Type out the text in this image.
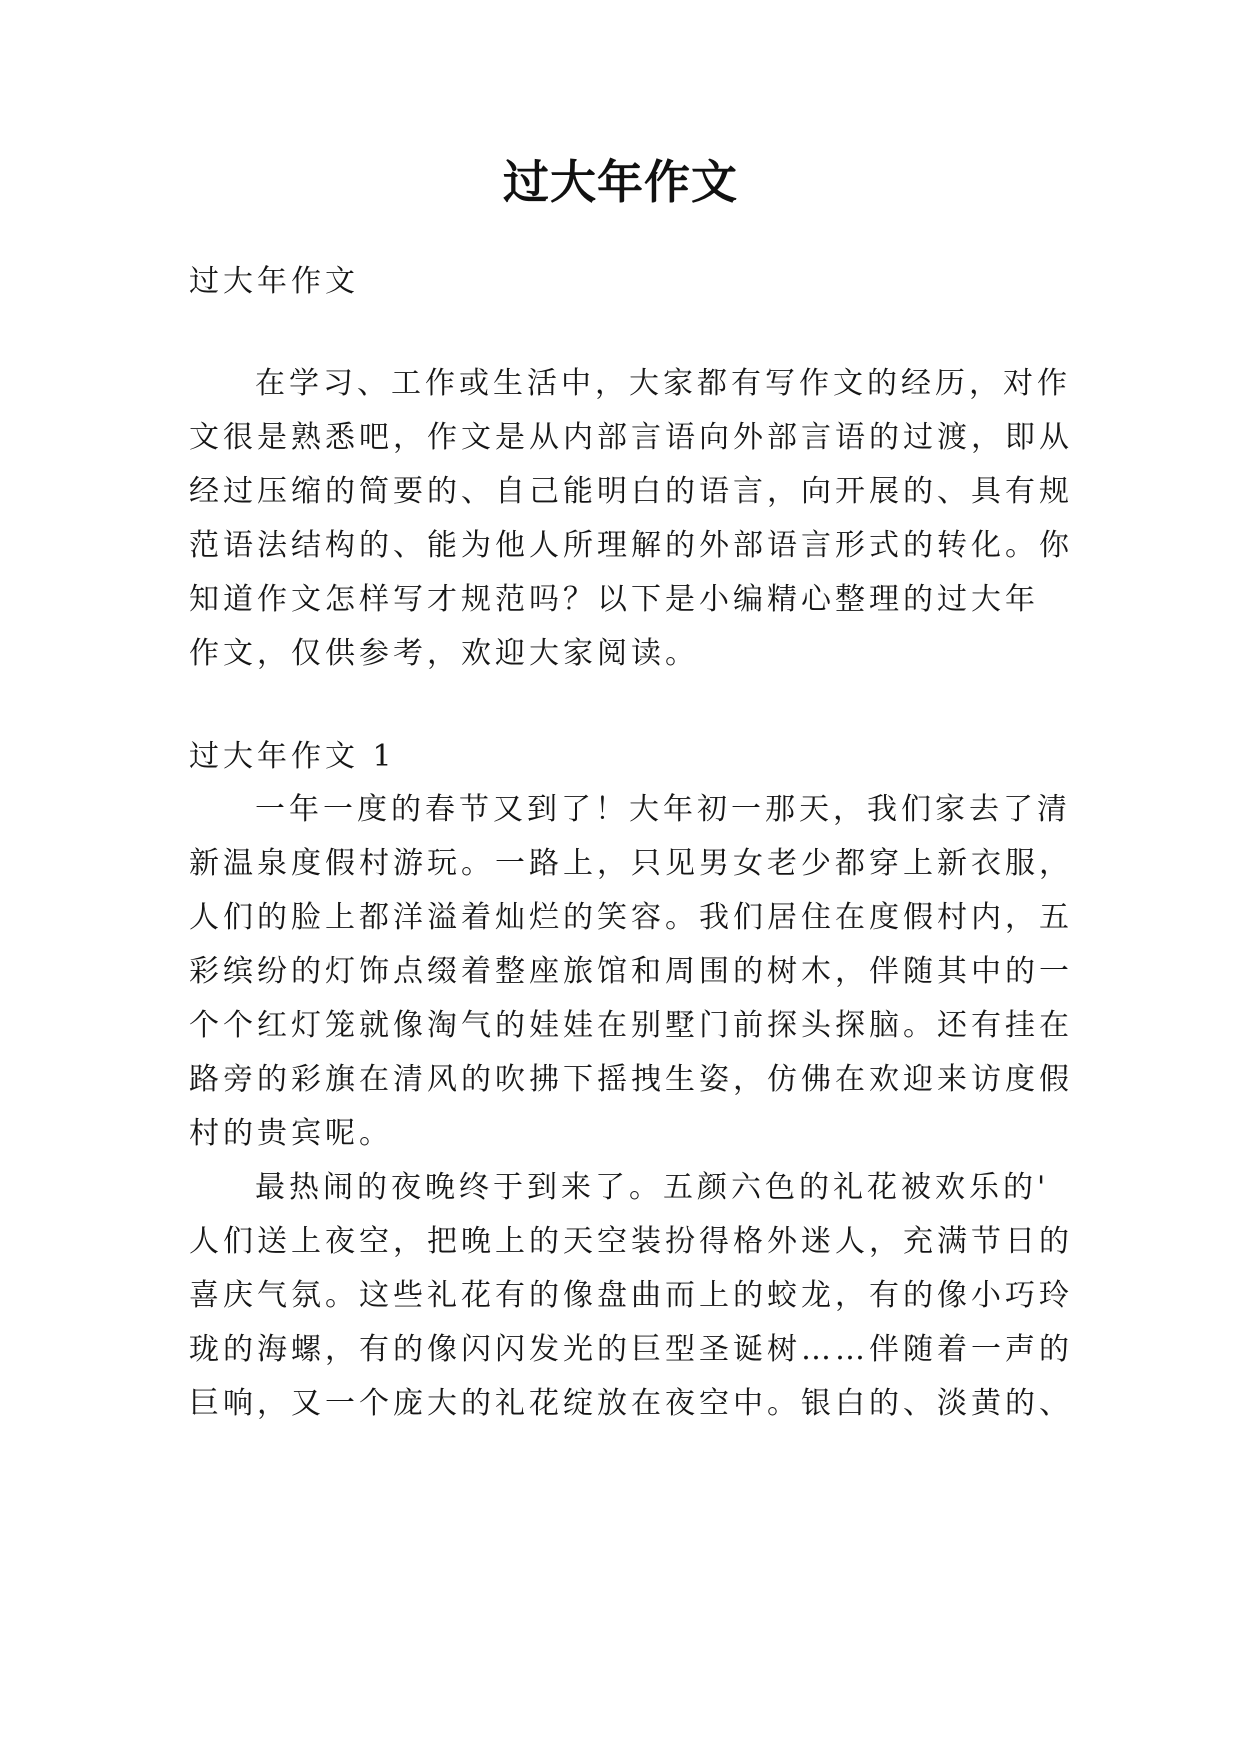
过大年作文
过大年作文
在学习、工作或生活中，大家都有写作文的经历，对作
文很是熟悉吧，作文是从内部言语向外部言语的过渡，即从
经过压缩的简要的、自己能明白的语言，向开展的、具有规
范语法结构的、能为他人所理解的外部语言形式的转化。你
知道作文怎样写才规范吗？以下是小编精心整理的过大年
作文，仅供参考，欢迎大家阅读。
过大年作文 1
一年一度的春节又到了！大年初一那天，我们家去了清
新温泉度假村游玩。一路上，只见男女老少都穿上新衣服，
人们的脸上都洋溢着灿烂的笑容。我们居住在度假村内，五
彩缤纷的灯饰点缀着整座旅馆和周围的树木，伴随其中的一
个个红灯笼就像淘气的娃娃在别墅门前探头探脑。还有挂在
路旁的彩旗在清风的吹拂下摇拽生姿，仿佛在欢迎来访度假
村的贵宾呢。
最热闹的夜晚终于到来了。五颜六色的礼花被欢乐的'
人们送上夜空，把晚上的天空装扮得格外迷人，充满节日的
喜庆气氛。这些礼花有的像盘曲而上的蛟龙，有的像小巧玲
珑的海螺，有的像闪闪发光的巨型圣诞树……伴随着一声的
巨响，又一个庞大的礼花绽放在夜空中。银白的、淡黄的、
